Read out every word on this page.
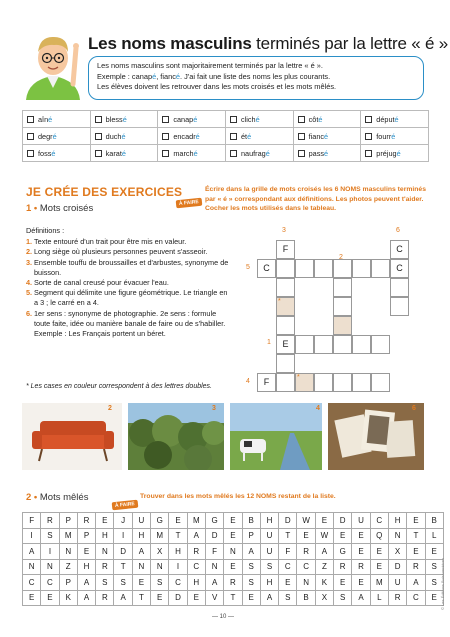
Les noms masculins terminés par la lettre « é »
Les noms masculins sont majoritairement terminés par la lettre « é ».
Exemple : canapé, fiancé. J'ai fait une liste des noms les plus courants.
Les élèves doivent les retrouver dans les mots croisés et les mots mêlés.
aîné	blessé	canapé	cliché	côté	député
degré	duché	encadré	été	fiancé	fourré
fossé	karaté	marché	naufragé	passé	préjugé
JE CRÉE DES EXERCICES
1 • Mots croisés	À FAIRE
Écrire dans la grille de mots croisés les 6 NOMS masculins terminés par « é » correspondant aux définitions. Les photos peuvent t'aider. Cocher les mots utilisés dans le tableau.
Définitions :
1. Texte entouré d'un trait pour être mis en valeur.
2. Long siège où plusieurs personnes peuvent s'asseoir.
3. Ensemble touffu de broussailles et d'arbustes, synonyme de buisson.
4. Sorte de canal creusé pour évacuer l'eau.
5. Segment qui délimite une figure géométrique. Le triangle en a 3 ; le carré en a 4.
6. 1er sens : synonyme de photographie. 2e sens : formule toute faite, idée ou manière banale de faire ou de s'habiller. Exemple : Les Français portent un béret.
* Les cases en couleur correspondent à des lettres doubles.
F	C
C	C
E
F
3	6
5
2
1
4
*
*
2	3	4	6
2 • Mots mêlés
À FAIRE
Trouver dans les mots mêlés les 12 NOMS restant de la liste.
F	R	P	R	E	J	U	G	E	M	G	E	B	H	D	W	E	D	U	C	H	E	B
I	S	M	P	H	I	H	M	T	A	D	E	P	U	T	E	W	E	E	Q	N	T	L
A	I	N	E	N	D	A	X	H	R	F	N	A	U	F	R	A	G	E	E	X	E	E
N	N	Z	H	R	T	N	N	I	C	N	E	S	S	C	C	Z	R	R	E	D	R	S
C	C	P	A	S	S	E	S	C	H	A	R	S	H	E	N	K	E	E	M	U	A	S
E	E	K	A	R	A	T	E	D	E	V	T	E	A	S	B	X	S	A	L	R	C	E
— 10 —
© Les Éditions Buissonnières
